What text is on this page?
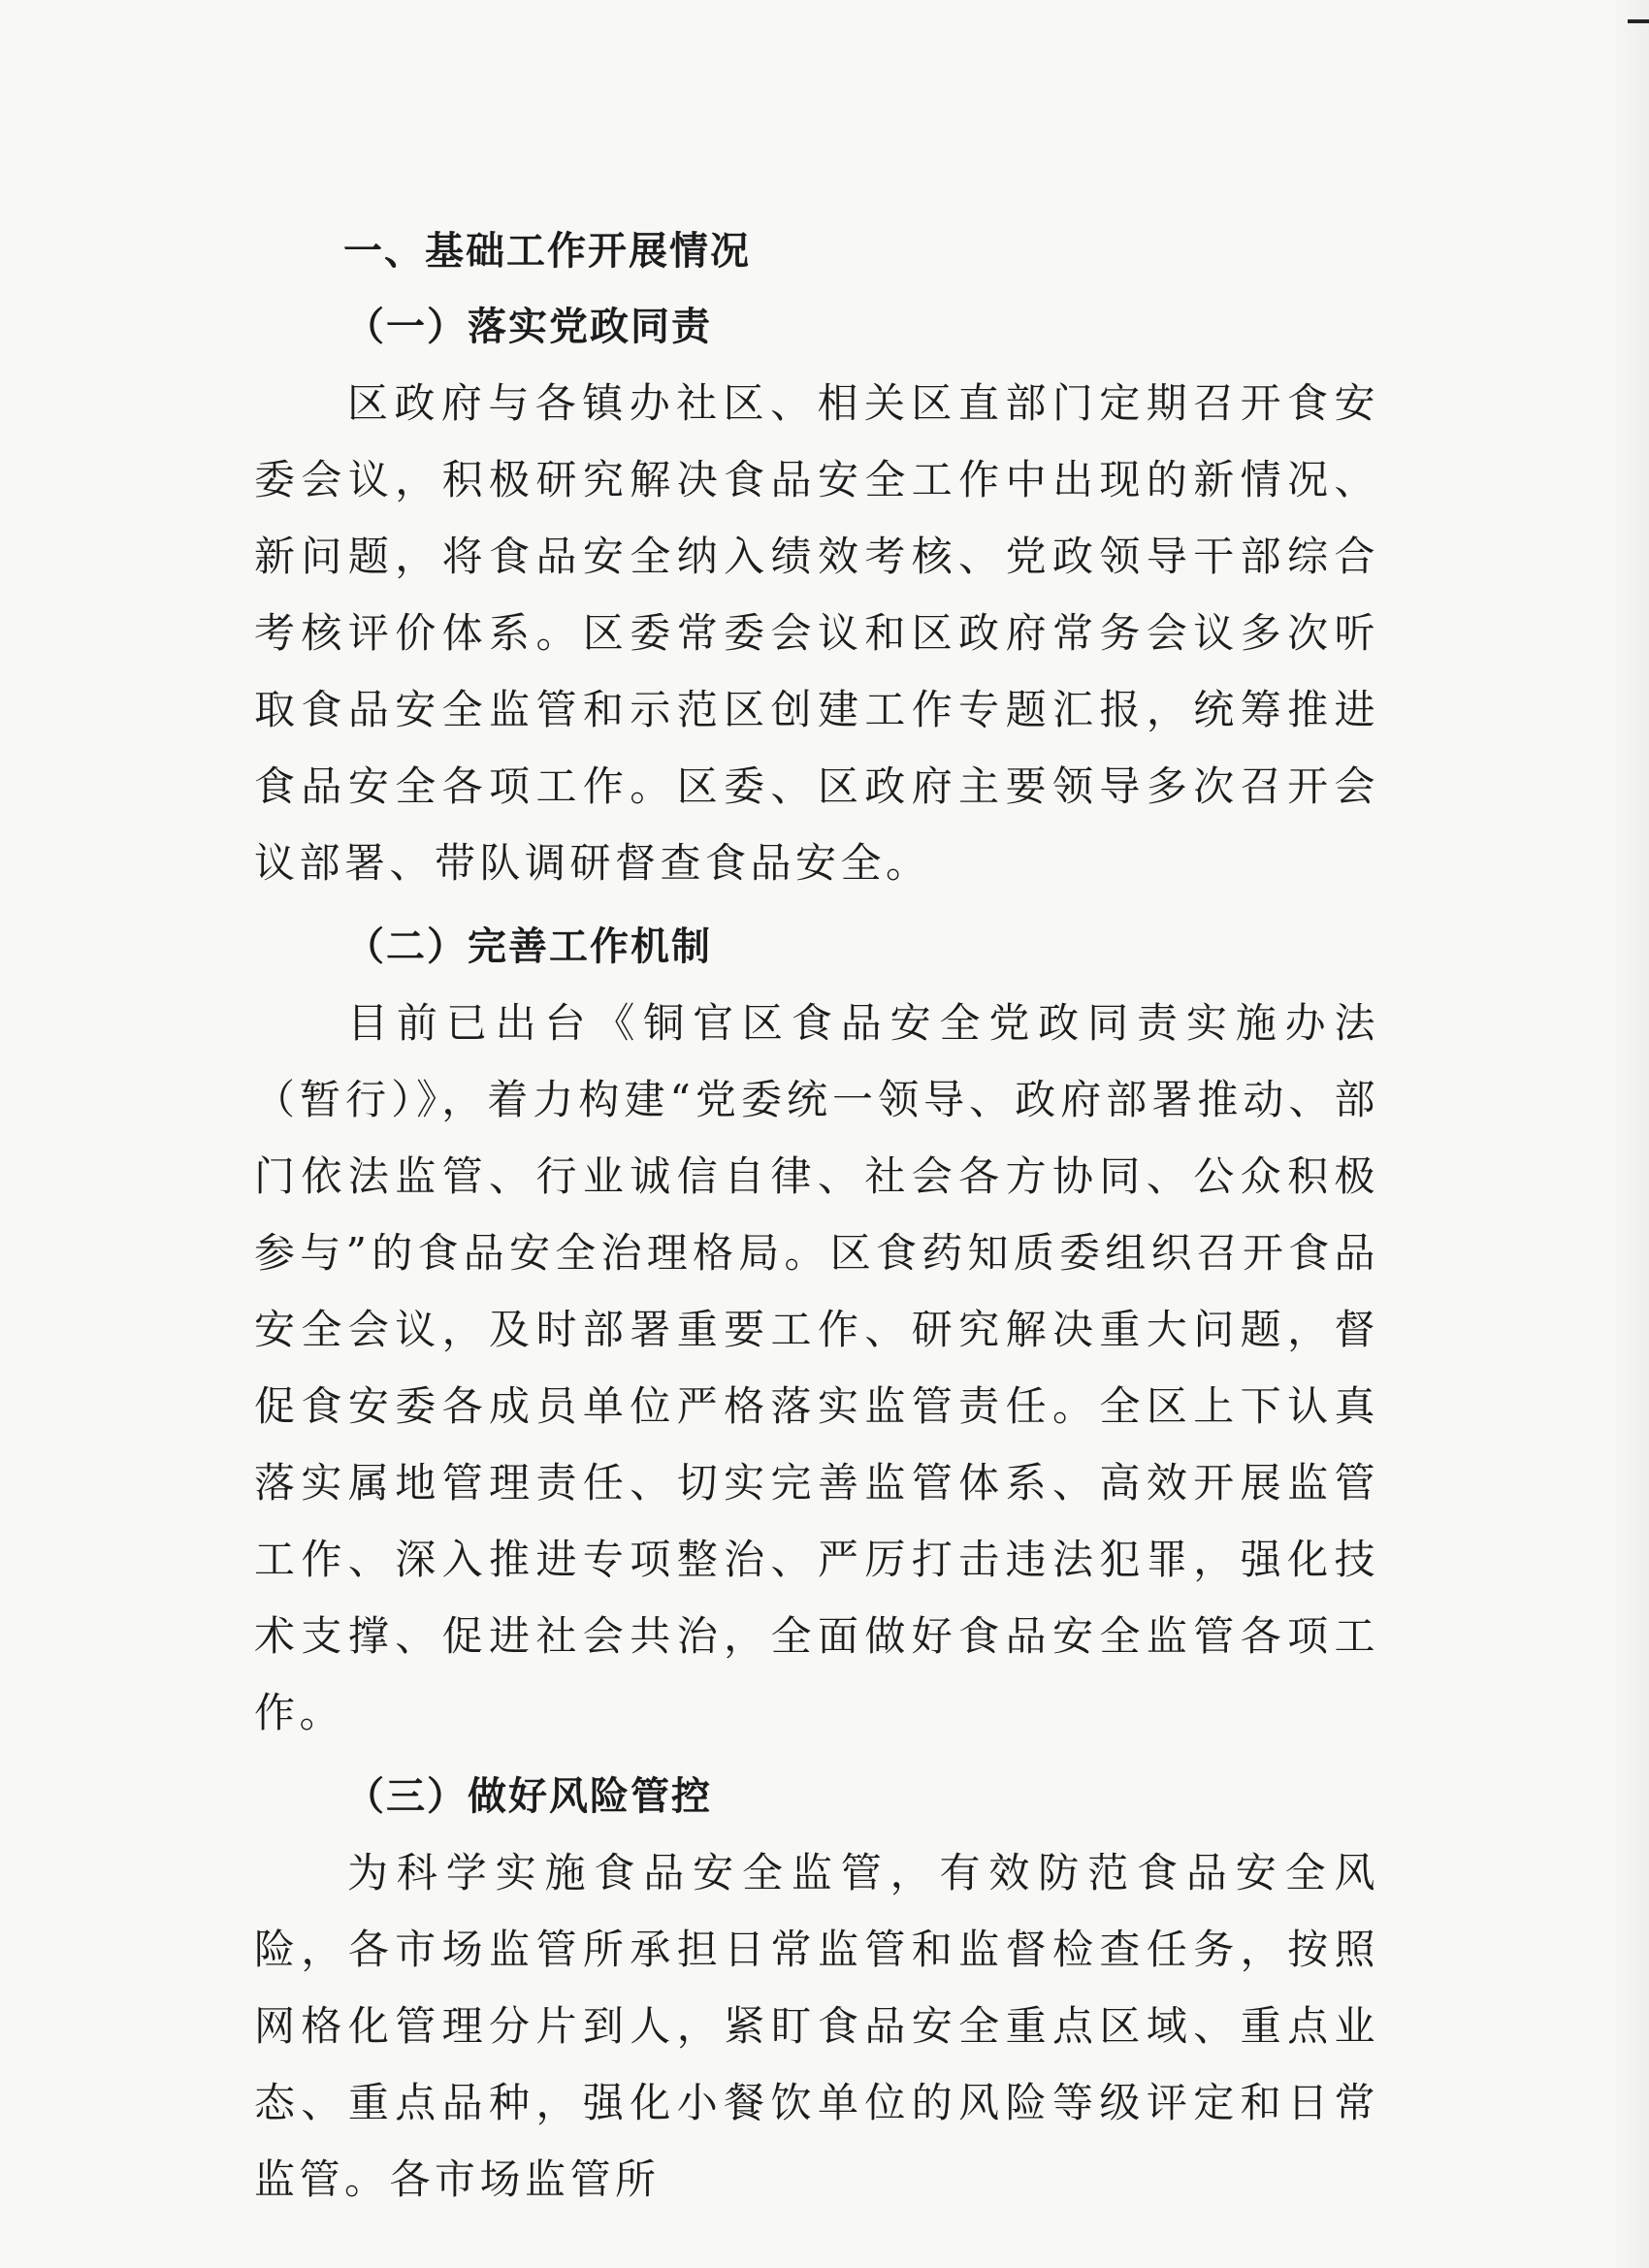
一、基础工作开展情况
（一）落实党政同责

区政府与各镇办社区、相关区直部门定期召开食安委会议，积极研究解决食品安全工作中出现的新情况、新问题，将食品安全纳入绩效考核、党政领导干部综合考核评价体系。区委常委会议和区政府常务会议多次听取食品安全监管和示范区创建工作专题汇报，统筹推进食品安全各项工作。区委、区政府主要领导多次召开会议部署、带队调研督查食品安全。

（二）完善工作机制

目前已出台《铜官区食品安全党政同责实施办法（暂行）》，着力构建“党委统一领导、政府部署推动、部门依法监管、行业诚信自律、社会各方协同、公众积极参与”的食品安全治理格局。区食药知质委组织召开食品安全会议，及时部署重要工作、研究解决重大问题，督促食安委各成员单位严格落实监管责任。全区上下认真落实属地管理责任、切实完善监管体系、高效开展监管工作、深入推进专项整治、严厉打击违法犯罪，强化技术支撑、促进社会共治，全面做好食品安全监管各项工作。

（三）做好风险管控

为科学实施食品安全监管，有效防范食品安全风险，各市场监管所承担日常监管和监督检查任务，按照网格化管理分片到人，紧盯食品安全重点区域、重点业态、重点品种，强化小餐饮单位的风险等级评定和日常监管。各市场监管所
